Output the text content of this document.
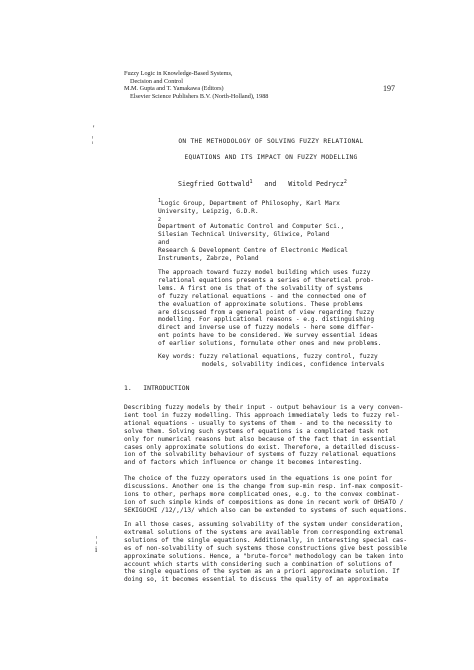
Fuzzy Logic in Knowledge-Based Systems,
Decision and Control
M.M. Gupta and T. Yamakawa (Editors)
Elsevier Science Publishers B.V. (North-Holland), 1988
197
'
¦	ON THE METHODOLOGY OF SOLVING FUZZY RELATIONAL
EQUATIONS AND ITS IMPACT ON FUZZY MODELLING
Siegfried Gottwald$^1$ and Witold Pedrycz$^2$
$^1$Logic Group, Department of Philosophy, Karl Marx
University, Leipzig, G.D.R.
$^2$
Department of Automatic Control and Computer Sci.,
Silesian Technical University, Gliwice, Poland
and
Research & Development Centre of Electronic Medical
Instruments, Zabrze, Poland
The approach toward fuzzy model building which uses fuzzy
relational equations presents a series of theretical prob-
lems. A first one is that of the solvability of systems
of fuzzy relational equations - and the connected one of
the evaluation of approximate solutions. These problems
are discussed from a general point of view regarding fuzzy
modelling. For applicational reasons - e.g. distinguishing
direct and inverse use of fuzzy models - here some differ-
ent points have to be considered. We survey essential ideas
of earlier solutions, formulate other ones and new problems.
Key words: fuzzy relational equations, fuzzy control, fuzzy
models, solvability indices, confidence intervals
1. INTRODUCTION
Describing fuzzy models by their input - output behaviour is a very conven-
ient tool in fuzzy modelling. This approach immediately leds to fuzzy rel-
ational equations - usually to systems of them - and to the necessity to
solve them. Solving such systems of equations is a complicated task not
only for numerical reasons but also because of the fact that in essential
cases only approximate solutions do exist. Therefore, a detailled discuss-
ion of the solvability behaviour of systems of fuzzy relational equations
and of factors which influence or change it becomes interesting.
The choice of the fuzzy operators used in the equations is one point for
discussions. Another one is the change from sup-min resp. inf-max composit-
ions to other, perhaps more complicated ones, e.g. to the convex combinat-
ion of such simple kinds of compositions as done in recent work of OHSATO /
SEKIGUCHI /12/,/13/ which also can be extended to systems of such equations.
In all those cases, assuming solvability of the system under consideration,
extremal solutions of the systems are available from corresponding extremal
solutions of the single equations. Additionally, in interesting special cas-
es of non-solvability of such systems those constructions give best possible
approximate solutions. Hence, a "brute-force" methodology can be taken into
account which starts with considering such a combination of solutions of
the single equations of the system as an a priori approximate solution. If
doing so, it becomes essential to discuss the quality of an approximate
¦
i
